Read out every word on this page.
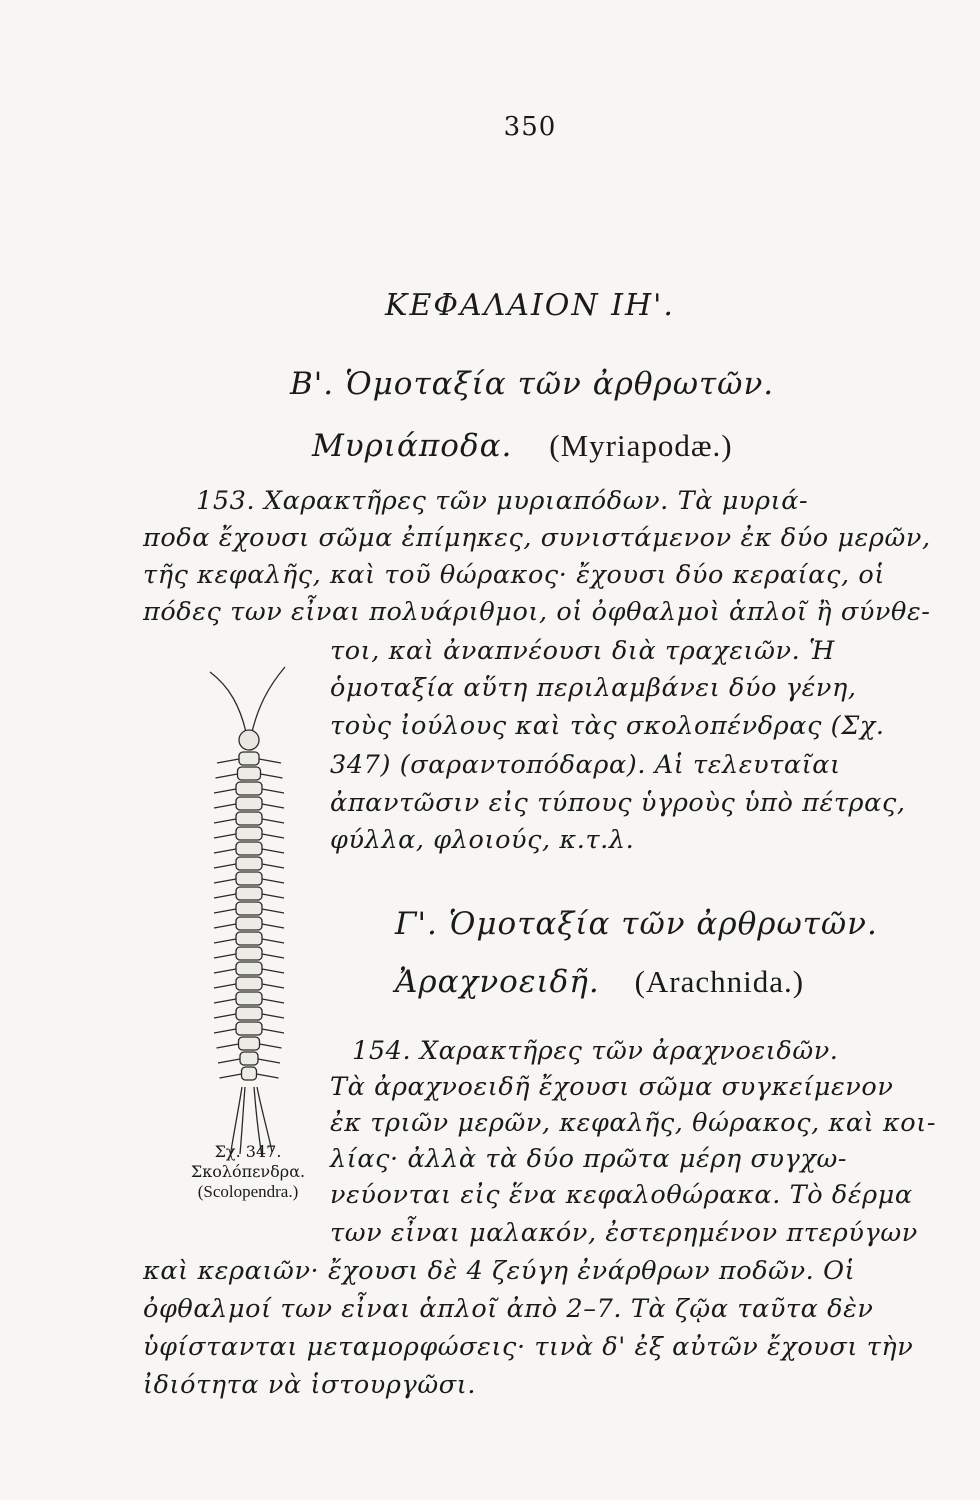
350
ΚΕΦΑΛΑΙΟΝ ΙΗ'.
Β'. Ὁμοταξία τῶν ἀρθρωτῶν.
Μυριάποδα. (Myriapodæ.)
153. Χαρακτῆρες τῶν μυριαπόδων. Τὰ μυριά-
ποδα ἔχουσι σῶμα ἐπίμηκες, συνιστάμενον ἐκ δύο μερῶν,
τῆς κεφαλῆς, καὶ τοῦ θώρακος· ἔχουσι δύο κεραίας, οἱ
πόδες των εἶναι πολυάριθμοι, οἱ ὀφθαλμοὶ ἁπλοῖ ἢ σύνθε-
τοι, καὶ ἀναπνέουσι διὰ τραχειῶν. Ἡ
ὁμοταξία αὕτη περιλαμβάνει δύο γένη,
τοὺς ἰούλους καὶ τὰς σκολοπένδρας (Σχ.
347) (σαραντοπόδαρα). Αἱ τελευταῖαι
ἀπαντῶσιν εἰς τύπους ὑγροὺς ὑπὸ πέτρας,
φύλλα, φλοιούς, κ.τ.λ.
Γ'. Ὁμοταξία τῶν ἀρθρωτῶν.
Ἀραχνοειδῆ. (Arachnida.)
154. Χαρακτῆρες τῶν ἀραχνοειδῶν.
Τὰ ἀραχνοειδῆ ἔχουσι σῶμα συγκείμενον
ἐκ τριῶν μερῶν, κεφαλῆς, θώρακος, καὶ κοι-
λίας· ἀλλὰ τὰ δύο πρῶτα μέρη συγχω-
νεύονται εἰς ἕνα κεφαλοθώρακα. Τὸ δέρμα
των εἶναι μαλακόν, ἐστερημένον πτερύγων
καὶ κεραιῶν· ἔχουσι δὲ 4 ζεύγη ἐνάρθρων ποδῶν. Οἱ
ὀφθαλμοί των εἶναι ἁπλοῖ ἀπὸ 2–7. Τὰ ζῷα ταῦτα δὲν
ὑφίστανται μεταμορφώσεις· τινὰ δ' ἐξ αὐτῶν ἔχουσι τὴν
ἰδιότητα νὰ ἱστουργῶσι.
Σχ. 347.
Σκολόπενδρα.
(Scolopendra.)
